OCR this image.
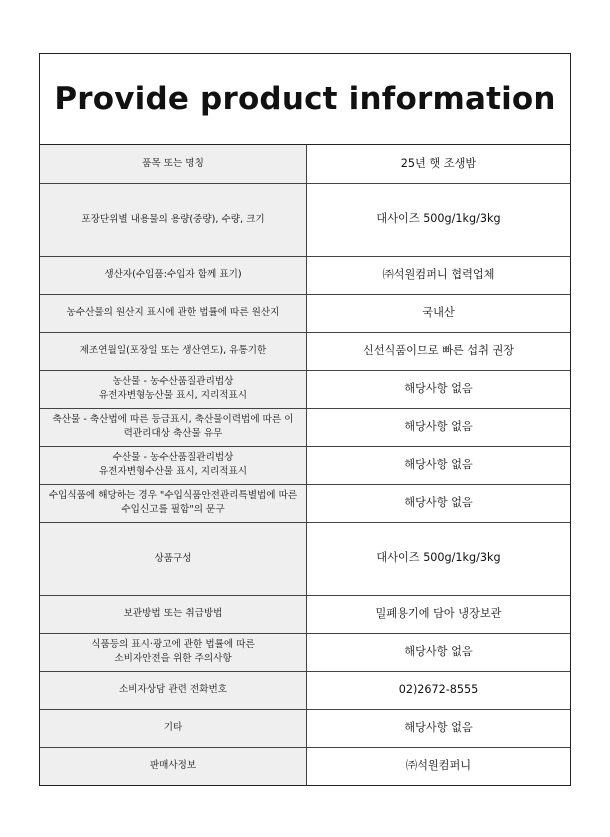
Provide product information
품목 또는 명칭	25년 햇 조생밤
포장단위별 내용물의 용량(중량), 수량, 크기	대사이즈 500g/1kg/3kg
생산자(수입품:수입자 함께 표기)	㈜석원컴퍼니 협력업체
농수산물의 원산지 표시에 관한 법률에 따른 원산지	국내산
제조연월일(포장일 또는 생산연도), 유통기한	신선식품이므로 빠른 섭취 권장

농산물 - 농수산품질관리법상
유전자변형농산물 표시, 지리적표시	해당사항 없음

축산물 - 축산법에 따른 등급표시, 축산물이력법에 따른 이
력관리대상 축산물 유무	해당사항 없음

수산물 - 농수산품질관리법상
유전자변형수산물 표시, 지리적표시	해당사항 없음

수입식품에 해당하는 경우 "수입식품안전관리특별법에 따른
수입신고를 필함"의 문구	해당사항 없음
상품구성	대사이즈 500g/1kg/3kg
보관방법 또는 취급방법	밀폐용기에 담아 냉장보관

식품등의 표시·광고에 관한 법률에 따른
소비자안전을 위한 주의사항	해당사항 없음
소비자상담 관련 전화번호	02)2672-8555
기타	해당사항 없음
판매사정보	㈜석원컴퍼니
